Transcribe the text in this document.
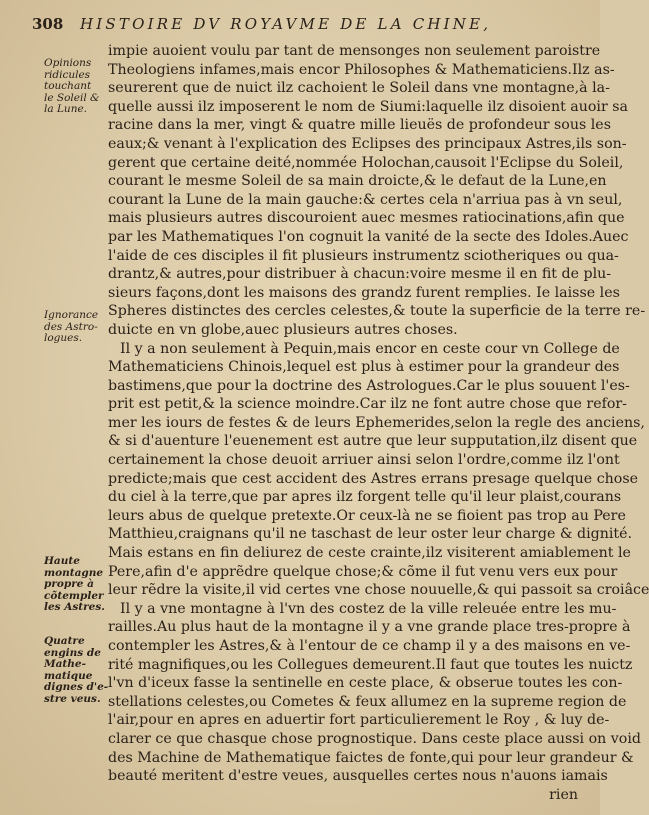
308 HISTOIRE DV ROYAVME DE LA CHINE,
Opinions
ridicules
touchant
le Soleil &
la Lune.
Ignorance
des Astro-
logues.
Haute
montagne
propre à
cõtempler
les Astres.
Quatre
engins de
Mathe-
matique
dignes d'e-
stre veus.
impie auoient voulu par tant de mensonges non seulement paroistre
Theologiens infames,mais encor Philosophes & Mathematiciens.Ilz as-
seurerent que de nuict ilz cachoient le Soleil dans vne montagne,à la-
quelle aussi ilz imposerent le nom de Siumi:laquelle ilz disoient auoir sa
racine dans la mer, vingt & quatre mille lieuës de profondeur sous les
eaux;& venant à l'explication des Eclipses des principaux Astres,ils son-
gerent que certaine deité,nommée Holochan,causoit l'Eclipse du Soleil,
courant le mesme Soleil de sa main droicte,& le defaut de la Lune,en
courant la Lune de la main gauche:& certes cela n'arriua pas à vn seul,
mais plusieurs autres discouroient auec mesmes ratiocinations,afin que
par les Mathematiques l'on cognuit la vanité de la secte des Idoles.Auec
l'aide de ces disciples il fit plusieurs instrumentz sciotheriques ou qua-
drantz,& autres,pour distribuer à chacun:voire mesme il en fit de plu-
sieurs façons,dont les maisons des grandz furent remplies. Ie laisse les
Spheres distinctes des cercles celestes,& toute la superficie de la terre re-
duicte en vn globe,auec plusieurs autres choses.
Il y a non seulement à Pequin,mais encor en ceste cour vn College de
Mathematiciens Chinois,lequel est plus à estimer pour la grandeur des
bastimens,que pour la doctrine des Astrologues.Car le plus souuent l'es-
prit est petit,& la science moindre.Car ilz ne font autre chose que refor-
mer les iours de festes & de leurs Ephemerides,selon la regle des anciens,
& si d'auenture l'euenement est autre que leur supputation,ilz disent que
certainement la chose deuoit arriuer ainsi selon l'ordre,comme ilz l'ont
predicte;mais que cest accident des Astres errans presage quelque chose
du ciel à la terre,que par apres ilz forgent telle qu'il leur plaist,courans
leurs abus de quelque pretexte.Or ceux-là ne se fioient pas trop au Pere
Matthieu,craignans qu'il ne taschast de leur oster leur charge & dignité.
Mais estans en fin deliurez de ceste crainte,ilz visiterent amiablement le
Pere,afin d'e apprẽdre quelque chose;& cõme il fut venu vers eux pour
leur rẽdre la visite,il vid certes vne chose nouuelle,& qui passoit sa croiâce
Il y a vne montagne à l'vn des costez de la ville releuée entre les mu-
railles.Au plus haut de la montagne il y a vne grande place tres-propre à
contempler les Astres,& à l'entour de ce champ il y a des maisons en ve-
rité magnifiques,ou les Collegues demeurent.Il faut que toutes les nuictz
l'vn d'iceux fasse la sentinelle en ceste place, & obserue toutes les con-
stellations celestes,ou Cometes & feux allumez en la supreme region de
l'air,pour en apres en aduertir fort particulierement le Roy , & luy de-
clarer ce que chasque chose prognostique. Dans ceste place aussi on void
des Machine de Mathematique faictes de fonte,qui pour leur grandeur &
beauté meritent d'estre veues, ausquelles certes nous n'auons iamais
rien
